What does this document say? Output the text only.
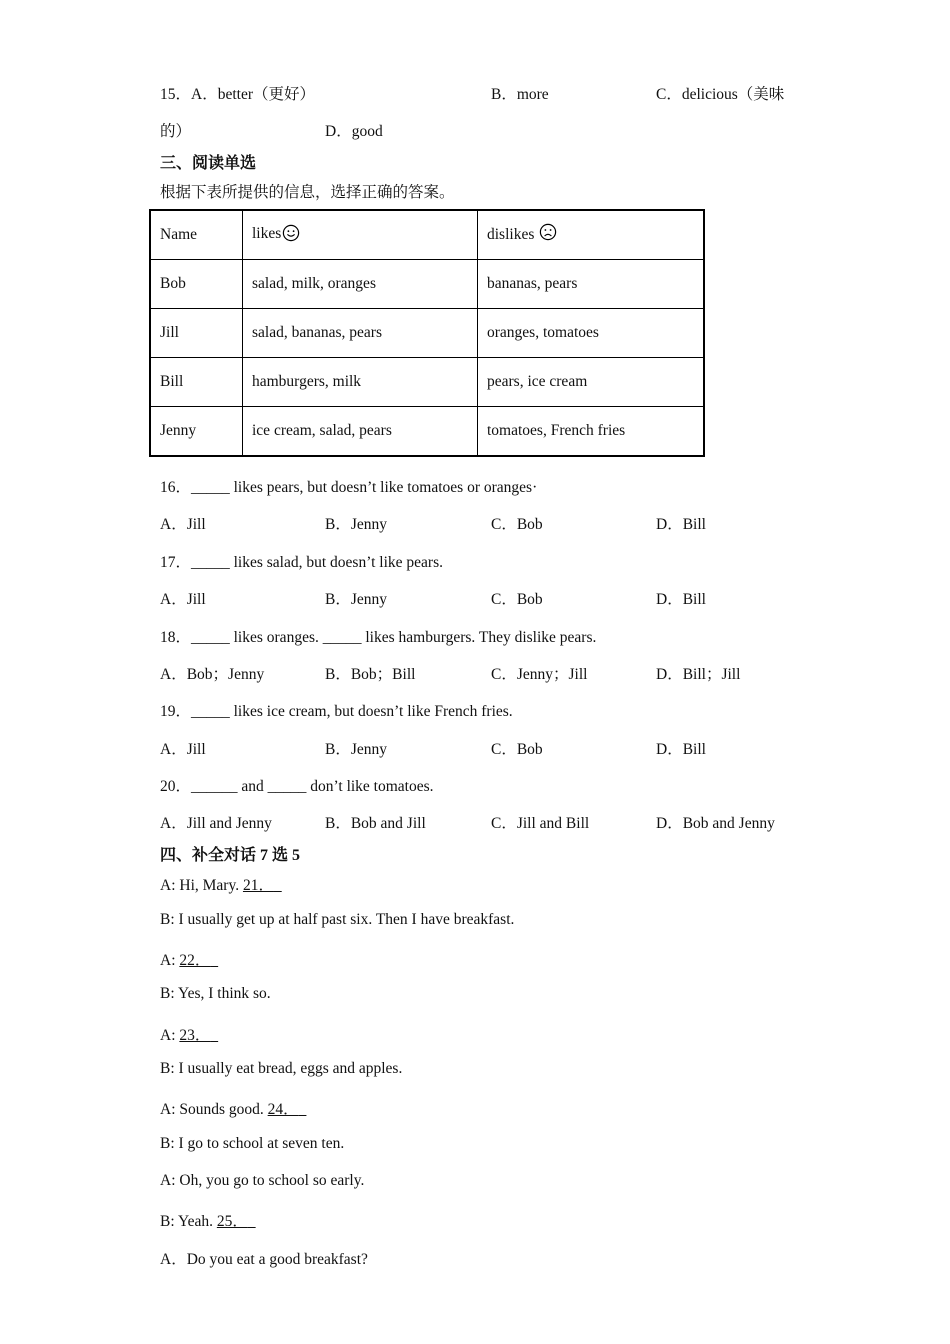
15．A．better（更好）	B．more	C．delicious（美味
的）	D．good
三、阅读单选
根据下表所提供的信息，选择正确的答案。
Name	likes	dislikes
Bob	salad, milk, oranges	bananas, pears
Jill	salad, bananas, pears	oranges, tomatoes
Bill	hamburgers, milk	pears, ice cream
Jenny	ice cream, salad, pears	tomatoes, French fries
16．_____ likes pears, but doesn’t like tomatoes or oranges·
A．Jill	B．Jenny	C．Bob	D．Bill
17．_____ likes salad, but doesn’t like pears.
A．Jill	B．Jenny	C．Bob	D．Bill
18．_____ likes oranges. _____ likes hamburgers. They dislike pears.
A．Bob；Jenny	B．Bob；Bill	C．Jenny；Jill	D．Bill；Jill
19．_____ likes ice cream, but doesn’t like French fries.
A．Jill	B．Jenny	C．Bob	D．Bill
20．______ and _____ don’t like tomatoes.
A．Jill and Jenny	B．Bob and Jill	C．Jill and Bill	D．Bob and Jenny
四、补全对话 7 选 5
A: Hi, Mary. 21．
B: I usually get up at half past six. Then I have breakfast.
A: 22．
B: Yes, I think so.
A: 23．
B: I usually eat bread, eggs and apples.
A: Sounds good. 24．
B: I go to school at seven ten.
A: Oh, you go to school so early.
B: Yeah. 25．
A．Do you eat a good breakfast?
